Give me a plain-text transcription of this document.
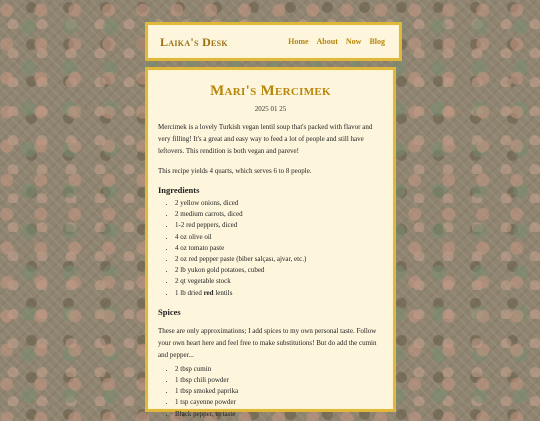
Laika's Desk	Home About Now Blog
Mari's Mercimek
2025 01 25

Mercimek is a lovely Turkish vegan lentil soup that's packed with flavor and very filling! It's a great and easy way to feed a lot of people and still have leftovers. This rendition is both vegan and pareve!

This recipe yields 4 quarts, which serves 6 to 8 people.

Ingredients
• 2 yellow onions, diced
• 2 medium carrots, diced
• 1-2 red peppers, diced
• 4 oz olive oil
• 4 oz tomato paste
• 2 oz red pepper paste (biber salçası, ajvar, etc.)
• 2 lb yukon gold potatoes, cubed
• 2 qt vegetable stock
• 1 lb dried red lentils
Spices

These are only approximations; I add spices to my own personal taste. Follow your own heart here and feel free to make substitutions! But do add the cumin and pepper...

• 2 tbsp cumin
• 1 tbsp chili powder
• 1 tbsp smoked paprika
• 1 tsp cayenne powder
• Black pepper, to taste
